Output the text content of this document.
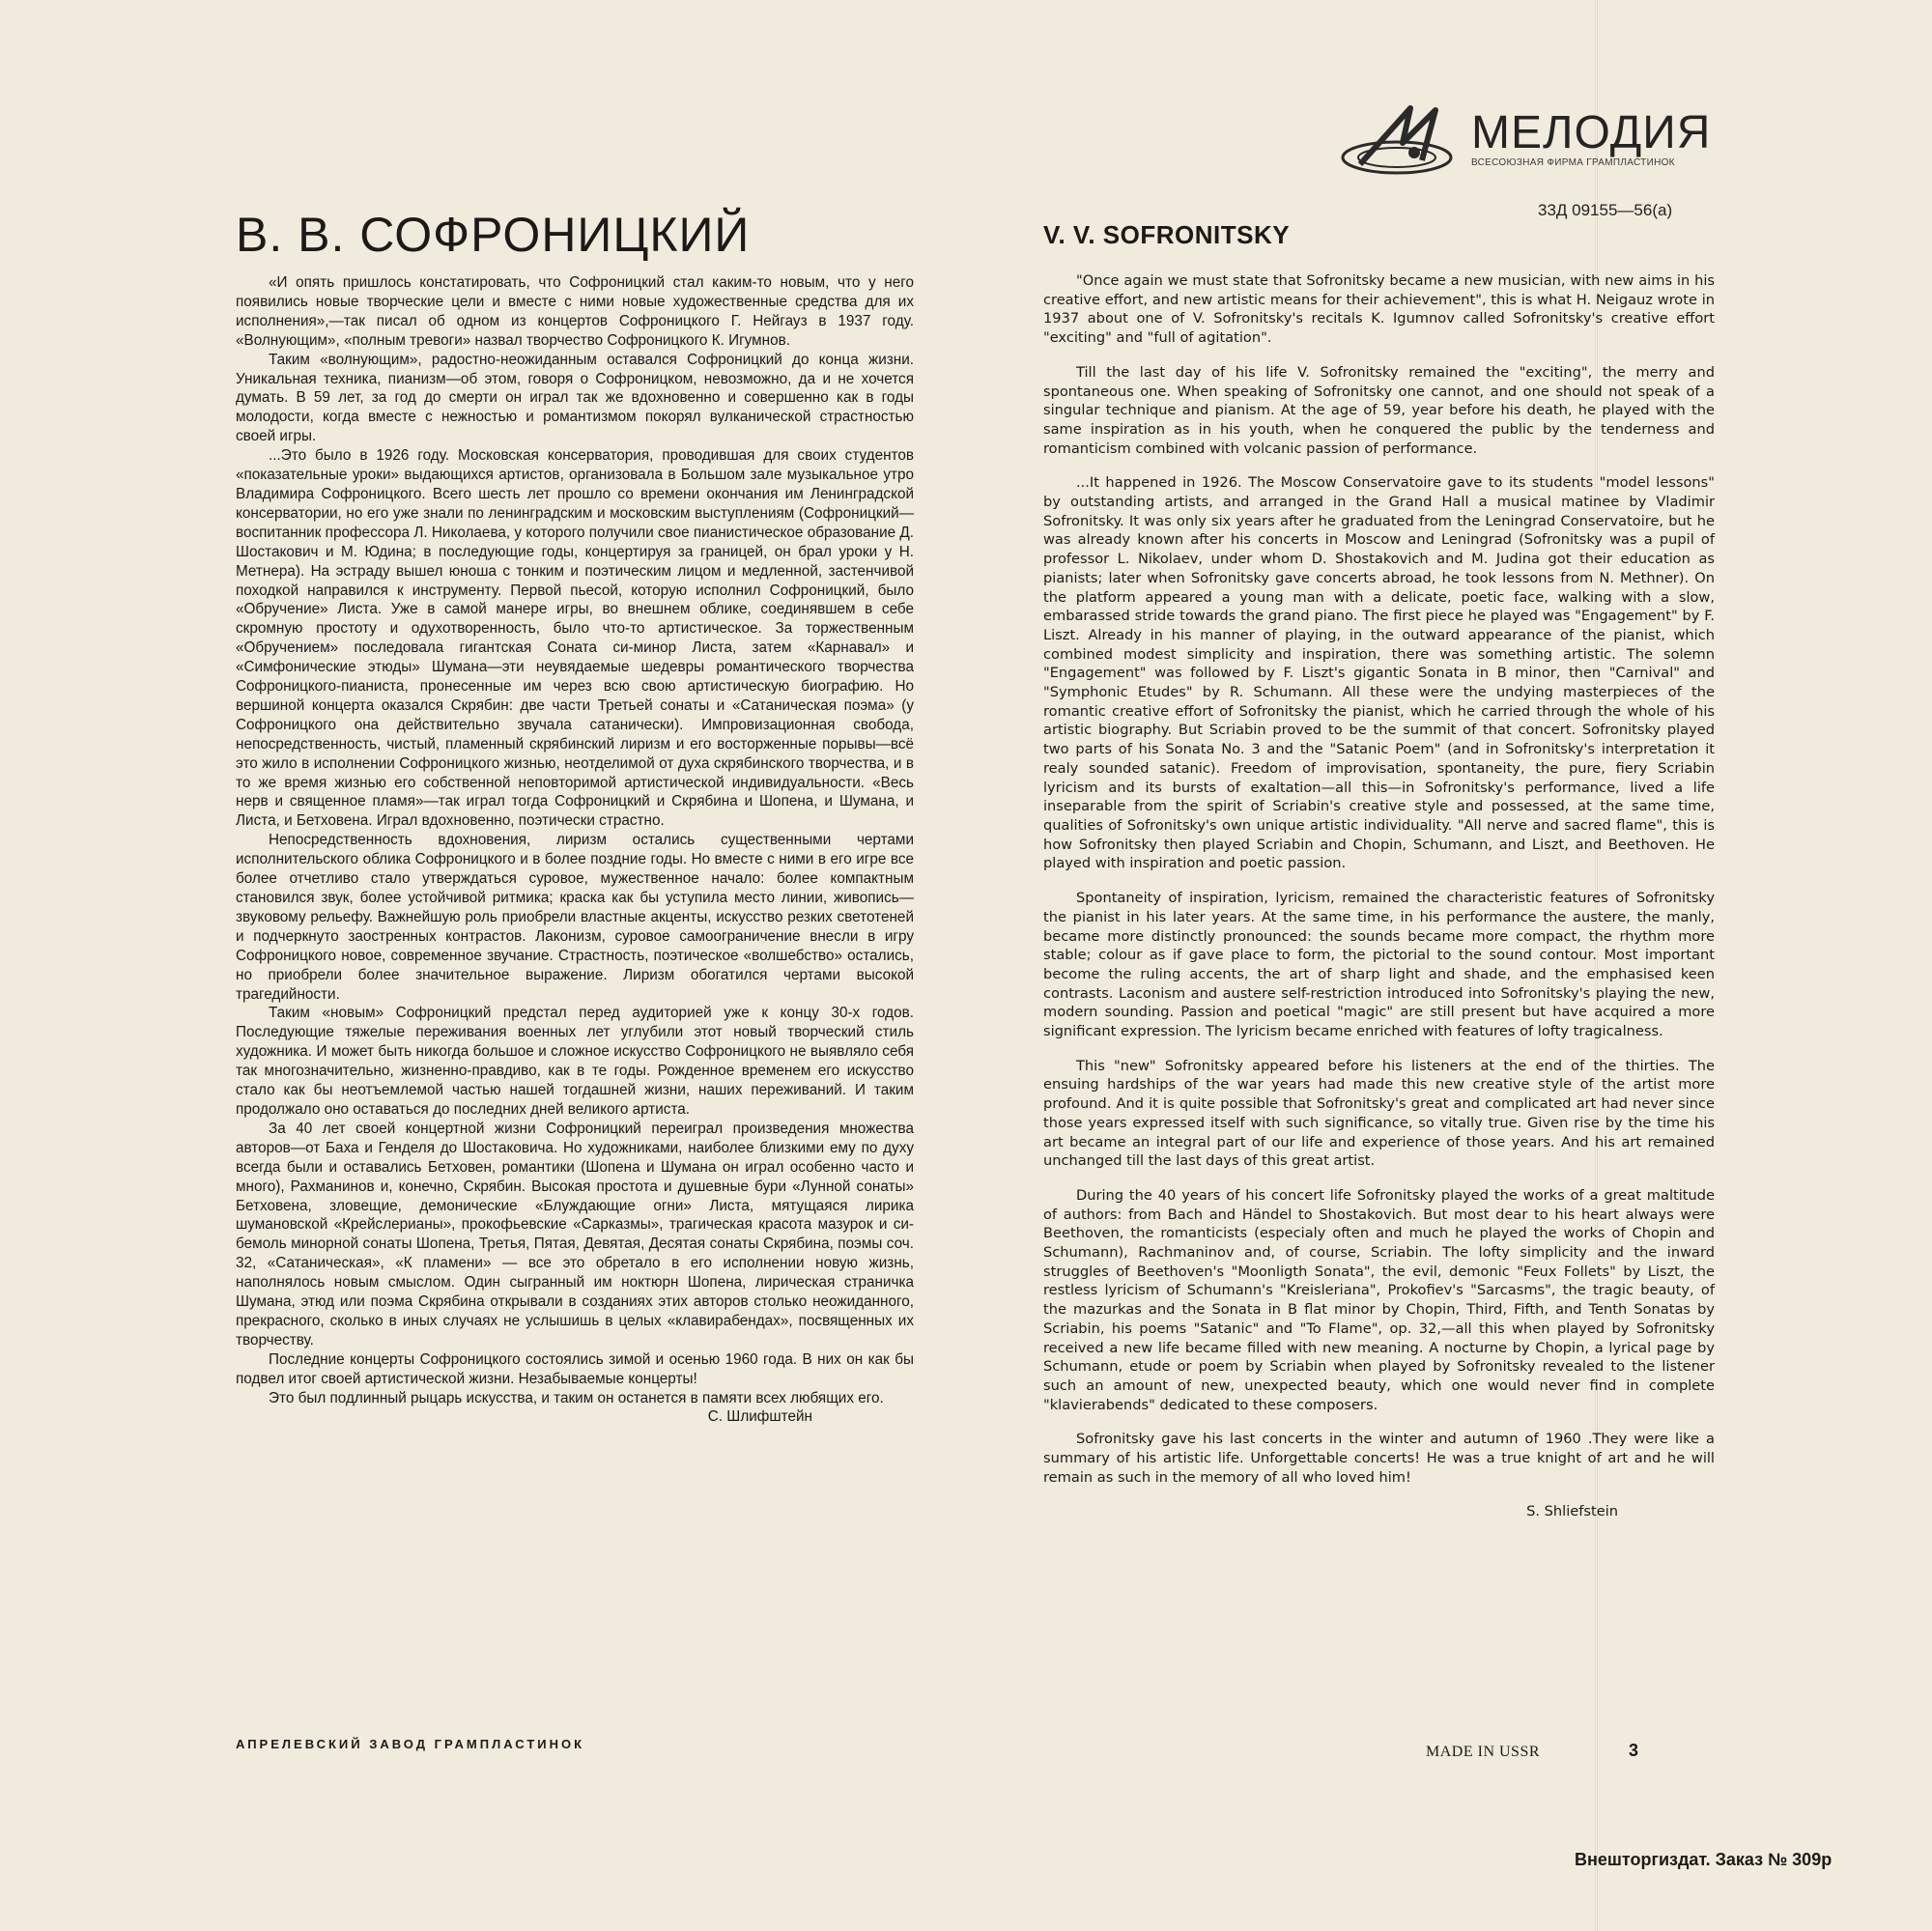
МЕЛОДИЯ
ВСЕСОЮЗНАЯ ФИРМА ГРАМПЛАСТИНОК
33Д 09155—56(а)
В. В. СОФРОНИЦКИЙ	V. V. SOFRONITSKY

«И опять пришлось констатировать, что Софроницкий стал каким-то новым, что у него появились новые творческие цели и вместе с ними новые художественные средства для их исполнения»,—так писал об одном из концертов Софроницкого Г. Нейгауз в 1937 году. «Волнующим», «полным тревоги» назвал творчество Софроницкого К. Игумнов.

Таким «волнующим», радостно-неожиданным оставался Софроницкий до конца жизни. Уникальная техника, пианизм—об этом, говоря о Софроницком, невозможно, да и не хочется думать. В 59 лет, за год до смерти он играл так же вдохновенно и совершенно как в годы молодости, когда вместе с нежностью и романтизмом покорял вулканической страстностью своей игры.

...Это было в 1926 году. Московская консерватория, проводившая для своих студентов «показательные уроки» выдающихся артистов, организовала в Большом зале музыкальное утро Владимира Софроницкого. Всего шесть лет прошло со времени окончания им Ленинградской консерватории, но его уже знали по ленинградским и московским выступлениям (Софроницкий—воспитанник профессора Л. Николаева, у которого получили свое пианистическое образование Д. Шостакович и М. Юдина; в последующие годы, концертируя за границей, он брал уроки у Н. Метнера). На эстраду вышел юноша с тонким и поэтическим лицом и медленной, застенчивой походкой направился к инструменту. Первой пьесой, которую исполнил Софроницкий, было «Обручение» Листа. Уже в самой манере игры, во внешнем облике, соединявшем в себе скромную простоту и одухотворенность, было что-то артистическое. За торжественным «Обручением» последовала гигантская Соната си-минор Листа, затем «Карнавал» и «Симфонические этюды» Шумана—эти неувядаемые шедевры романтического творчества Софроницкого-пианиста, пронесенные им через всю свою артистическую биографию. Но вершиной концерта оказался Скрябин: две части Третьей сонаты и «Сатаническая поэма» (у Софроницкого она действительно звучала сатанически). Импровизационная свобода, непосредственность, чистый, пламенный скрябинский лиризм и его восторженные порывы—всё это жило в исполнении Софроницкого жизнью, неотделимой от духа скрябинского творчества, и в то же время жизнью его собственной неповторимой артистической индивидуальности. «Весь нерв и священное пламя»—так играл тогда Софроницкий и Скрябина и Шопена, и Шумана, и Листа, и Бетховена. Играл вдохновенно, поэтически страстно.

Непосредственность вдохновения, лиризм остались существенными чертами исполнительского облика Софроницкого и в более поздние годы. Но вместе с ними в его игре все более отчетливо стало утверждаться суровое, мужественное начало: более компактным становился звук, более устойчивой ритмика; краска как бы уступила место линии, живопись—звуковому рельефу. Важнейшую роль приобрели властные акценты, искусство резких светотеней и подчеркнуто заостренных контрастов. Лаконизм, суровое самоограничение внесли в игру Софроницкого новое, современное звучание. Страстность, поэтическое «волшебство» остались, но приобрели более значительное выражение. Лиризм обогатился чертами высокой трагедийности.

Таким «новым» Софроницкий предстал перед аудиторией уже к концу 30-х годов. Последующие тяжелые переживания военных лет углубили этот новый творческий стиль художника. И может быть никогда большое и сложное искусство Софроницкого не выявляло себя так многозначительно, жизненно-правдиво, как в те годы. Рожденное временем его искусство стало как бы неотъемлемой частью нашей тогдашней жизни, наших переживаний. И таким продолжало оно оставаться до последних дней великого артиста.

За 40 лет своей концертной жизни Софроницкий переиграл произведения множества авторов—от Баха и Генделя до Шостаковича. Но художниками, наиболее близкими ему по духу всегда были и оставались Бетховен, романтики (Шопена и Шумана он играл особенно часто и много), Рахманинов и, конечно, Скрябин. Высокая простота и душевные бури «Лунной сонаты» Бетховена, зловещие, демонические «Блуждающие огни» Листа, мятущаяся лирика шумановской «Крейслерианы», прокофьевские «Сарказмы», трагическая красота мазурок и си-бемоль минорной сонаты Шопена, Третья, Пятая, Девятая, Десятая сонаты Скрябина, поэмы соч. 32, «Сатаническая», «К пламени» — все это обретало в его исполнении новую жизнь, наполнялось новым смыслом. Один сыгранный им ноктюрн Шопена, лирическая страничка Шумана, этюд или поэма Скрябина открывали в созданиях этих авторов столько неожиданного, прекрасного, сколько в иных случаях не услышишь в целых «клавирабендах», посвященных их творчеству.

Последние концерты Софроницкого состоялись зимой и осенью 1960 года. В них он как бы подвел итог своей артистической жизни. Незабываемые концерты!

Это был подлинный рыцарь искусства, и таким он останется в памяти всех любящих его.

С. Шлифштейн

"Once again we must state that Sofronitsky became a new musician, with new aims in his creative effort, and new artistic means for their achievement", this is what H. Neigauz wrote in 1937 about one of V. Sofronitsky's recitals K. Igumnov called Sofronitsky's creative effort "exciting" and "full of agitation".

Till the last day of his life V. Sofronitsky remained the "exciting", the merry and spontaneous one. When speaking of Sofronitsky one cannot, and one should not speak of a singular technique and pianism. At the age of 59, year before his death, he played with the same inspiration as in his youth, when he conquered the public by the tenderness and romanticism combined with volcanic passion of performance.

...It happened in 1926. The Moscow Conservatoire gave to its students "model lessons" by outstanding artists, and arranged in the Grand Hall a musical matinee by Vladimir Sofronitsky. It was only six years after he graduated from the Leningrad Conservatoire, but he was already known after his concerts in Moscow and Leningrad (Sofronitsky was a pupil of professor L. Nikolaev, under whom D. Shostakovich and M. Judina got their education as pianists; later when Sofronitsky gave concerts abroad, he took lessons from N. Methner). On the platform appeared a young man with a delicate, poetic face, walking with a slow, embarassed stride towards the grand piano. The first piece he played was "Engagement" by F. Liszt. Already in his manner of playing, in the outward appearance of the pianist, which combined modest simplicity and inspiration, there was something artistic. The solemn "Engagement" was followed by F. Liszt's gigantic Sonata in B minor, then "Carnival" and "Symphonic Etudes" by R. Schumann. All these were the undying masterpieces of the romantic creative effort of Sofronitsky the pianist, which he carried through the whole of his artistic biography. But Scriabin proved to be the summit of that concert. Sofronitsky played two parts of his Sonata No. 3 and the "Satanic Poem" (and in Sofronitsky's interpretation it realy sounded satanic). Freedom of improvisation, spontaneity, the pure, fiery Scriabin lyricism and its bursts of exaltation—all this—in Sofronitsky's performance, lived a life inseparable from the spirit of Scriabin's creative style and possessed, at the same time, qualities of Sofronitsky's own unique artistic individuality. "All nerve and sacred flame", this is how Sofronitsky then played Scriabin and Chopin, Schumann, and Liszt, and Beethoven. He played with inspiration and poetic passion.

Spontaneity of inspiration, lyricism, remained the characteristic features of Sofronitsky the pianist in his later years. At the same time, in his performance the austere, the manly, became more distinctly pronounced: the sounds became more compact, the rhythm more stable; colour as if gave place to form, the pictorial to the sound contour. Most important become the ruling accents, the art of sharp light and shade, and the emphasised keen contrasts. Laconism and austere self-restriction introduced into Sofronitsky's playing the new, modern sounding. Passion and poetical "magic" are still present but have acquired a more significant expression. The lyricism became enriched with features of lofty tragicalness.

This "new" Sofronitsky appeared before his listeners at the end of the thirties. The ensuing hardships of the war years had made this new creative style of the artist more profound. And it is quite possible that Sofronitsky's great and complicated art had never since those years expressed itself with such significance, so vitally true. Given rise by the time his art became an integral part of our life and experience of those years. And his art remained unchanged till the last days of this great artist.

During the 40 years of his concert life Sofronitsky played the works of a great maltitude of authors: from Bach and Händel to Shostakovich. But most dear to his heart always were Beethoven, the romanticists (especialy often and much he played the works of Chopin and Schumann), Rachmaninov and, of course, Scriabin. The lofty simplicity and the inward struggles of Beethoven's "Moonligth Sonata", the evil, demonic "Feux Follets" by Liszt, the restless lyricism of Schumann's "Kreisleriana", Prokofiev's "Sarcasms", the tragic beauty, of the mazurkas and the Sonata in B flat minor by Chopin, Third, Fifth, and Tenth Sonatas by Scriabin, his poems "Satanic" and "To Flame", op. 32,—all this when played by Sofronitsky received a new life became filled with new meaning. A nocturne by Chopin, a lyrical page by Schumann, etude or poem by Scriabin when played by Sofronitsky revealed to the listener such an amount of new, unexpected beauty, which one would never find in complete "klavierabends" dedicated to these composers.

Sofronitsky gave his last concerts in the winter and autumn of 1960 .They were like a summary of his artistic life. Unforgettable concerts! He was a true knight of art and he will remain as such in the memory of all who loved him!

S. Shliefstein
АПРЕЛЕВСКИЙ ЗАВОД ГРАМПЛАСТИНОК	MADE IN USSR	3
Внешторгиздат. Заказ № 309р
